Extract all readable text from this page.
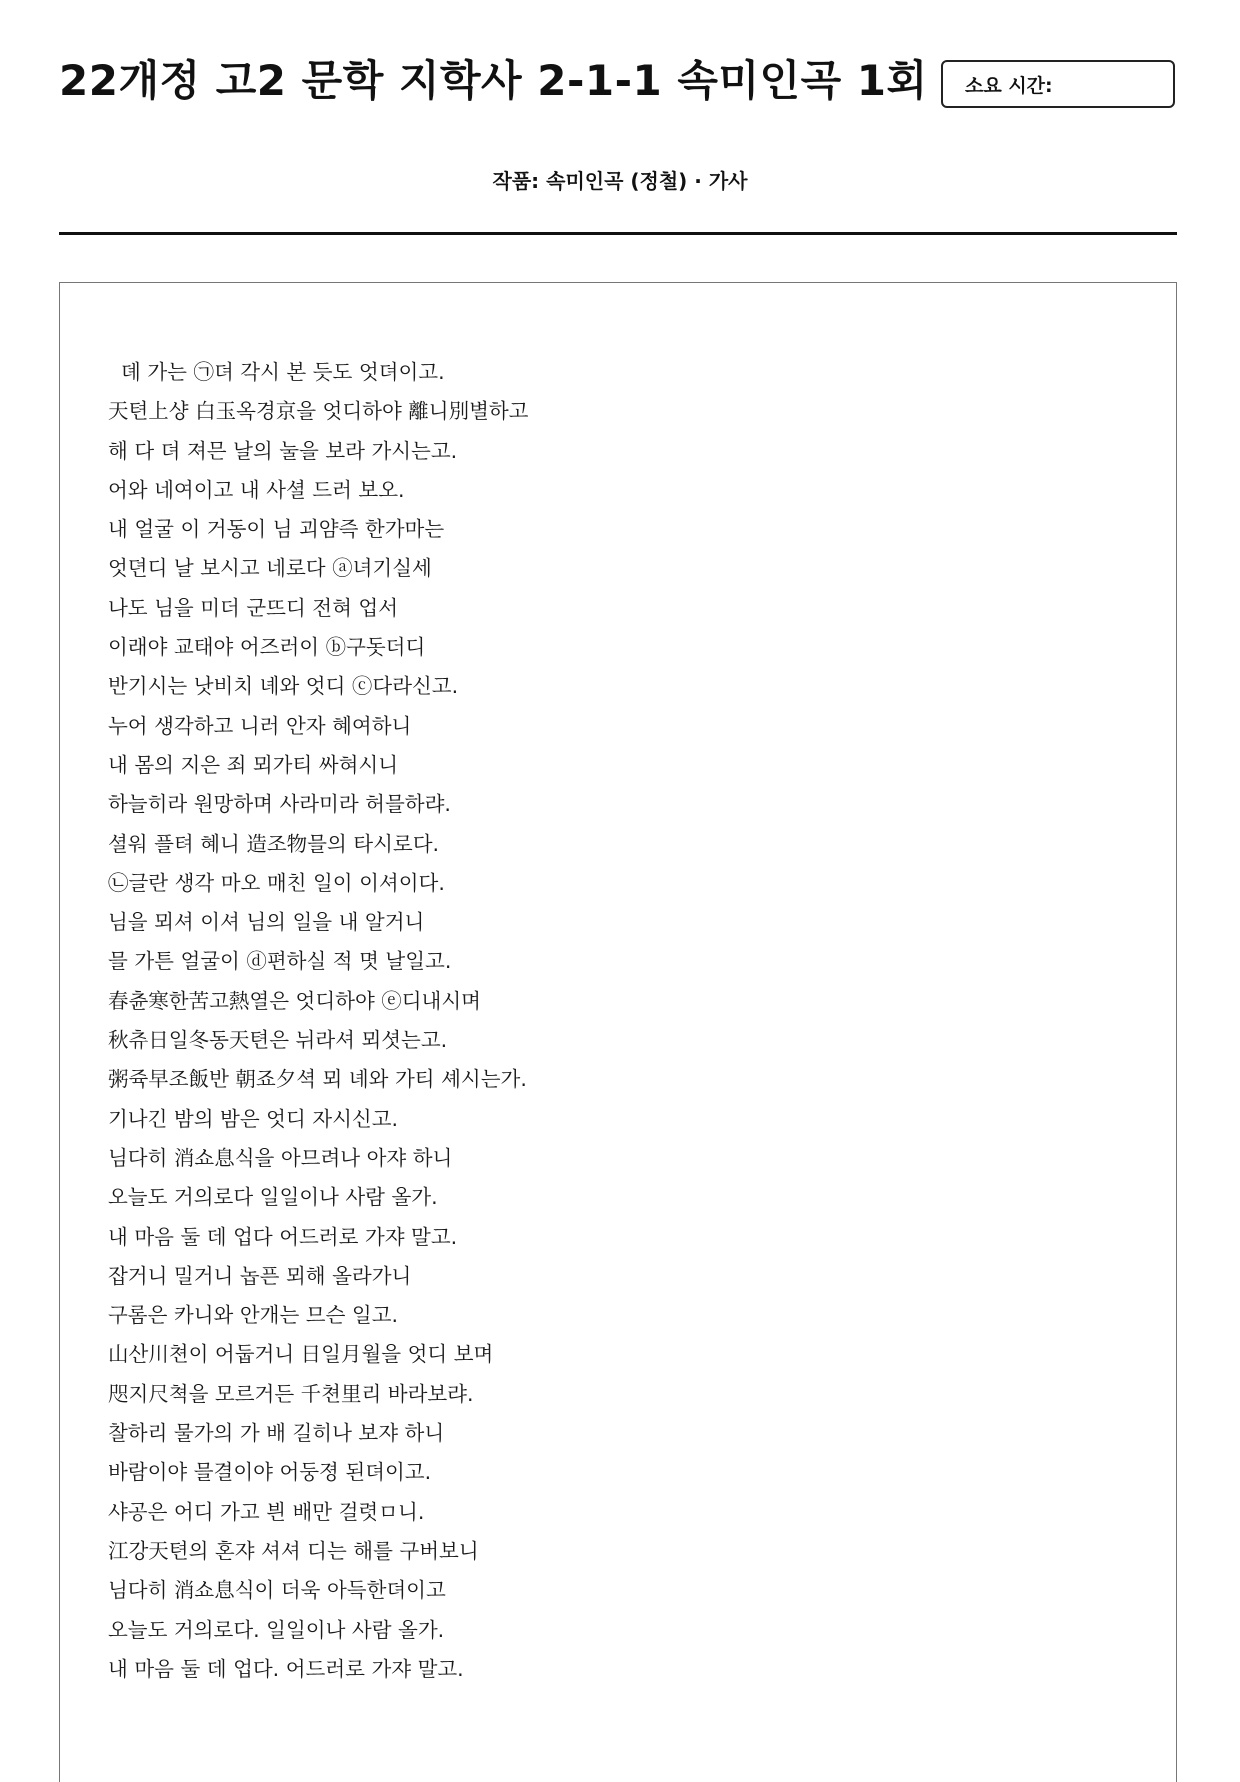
22개정 고2 문학 지학사 2-1-1 속미인곡 1회 소요 시간:
작품: 속미인곡 (정철) · 가사
뎨 가는 ㉠뎌 각시 본 듯도 엇뎌이고.
天텬上샹 白玉옥경京을 엇디하야 離니別별하고
해 다 뎌 져믄 날의 눌을 보라 가시는고.
어와 네여이고 내 사셜 드러 보오.
내 얼굴 이 거동이 님 괴얌즉 한가마는
엇뎐디 날 보시고 네로다 ⓐ녀기실세
나도 님을 미더 군뜨디 전혀 업서
이래야 교태야 어즈러이 ⓑ구돗더디
반기시는 낫비치 녜와 엇디 ⓒ다라신고.
누어 생각하고 니러 안자 혜여하니
내 몸의 지은 죄 뫼가티 싸혀시니
하늘히라 원망하며 사라미라 허믈하랴.
셜워 플텨 혜니 造조物믈의 타시로다.
㉡글란 생각 마오 매친 일이 이셔이다.
님을 뫼셔 이셔 님의 일을 내 알거니
믈 가튼 얼굴이 ⓓ편하실 적 몃 날일고.
春츈寒한苦고熱열은 엇디하야 ⓔ디내시며
秋츄日일冬동天텬은 뉘라셔 뫼셧는고.
粥쥭早조飯반 朝죠夕셕 뫼 녜와 가티 셰시는가.
기나긴 밤의 밤은 엇디 자시신고.
님다히 消쇼息식을 아므려나 아쟈 하니
오늘도 거의로다 일일이나 사람 올가.
내 마음 둘 데 업다 어드러로 가쟈 말고.
잡거니 밀거니 놉픈 뫼해 올라가니
구롬은 카니와 안개는 므슨 일고.
山산川쳔이 어둡거니 日일月월을 엇디 보며
咫지尺쳑을 모르거든 千쳔里리 바라보랴.
찰하리 물가의 가 배 길히나 보쟈 하니
바람이야 믈결이야 어둥졍 된뎌이고.
샤공은 어디 가고 븬 배만 걸렷ㅁ니.
江강天텬의 혼쟈 셔셔 디는 해를 구버보니
님다히 消쇼息식이 더욱 아득한뎌이고
오늘도 거의로다. 일일이나 사람 올가.
내 마음 둘 데 업다. 어드러로 가쟈 말고.
